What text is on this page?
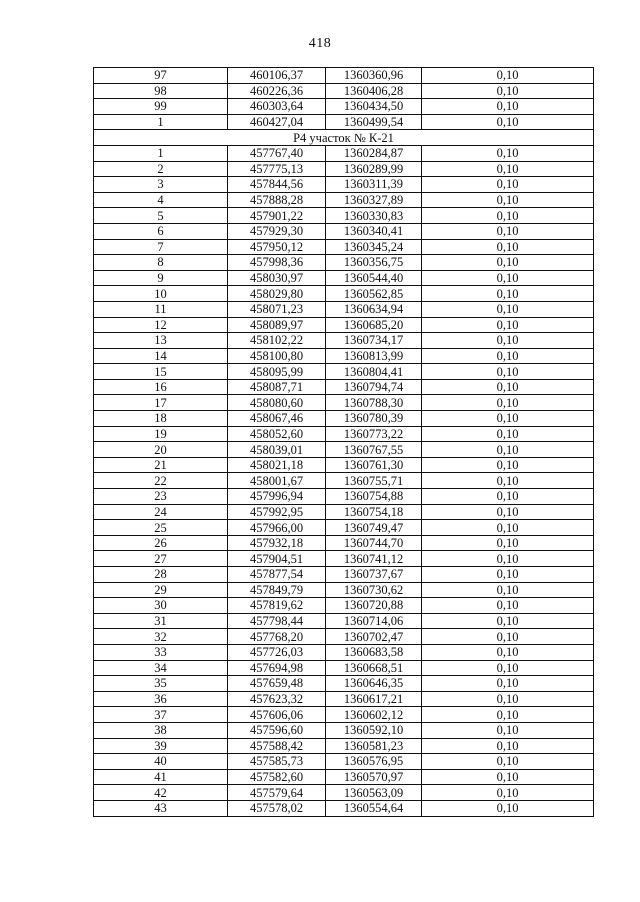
418
97	460106,37	1360360,96	0,10
98	460226,36	1360406,28	0,10
99	460303,64	1360434,50	0,10
1	460427,04	1360499,54	0,10
Р4 участок № К-21			
1	457767,40	1360284,87	0,10
2	457775,13	1360289,99	0,10
3	457844,56	1360311,39	0,10
4	457888,28	1360327,89	0,10
5	457901,22	1360330,83	0,10
6	457929,30	1360340,41	0,10
7	457950,12	1360345,24	0,10
8	457998,36	1360356,75	0,10
9	458030,97	1360544,40	0,10
10	458029,80	1360562,85	0,10
11	458071,23	1360634,94	0,10
12	458089,97	1360685,20	0,10
13	458102,22	1360734,17	0,10
14	458100,80	1360813,99	0,10
15	458095,99	1360804,41	0,10
16	458087,71	1360794,74	0,10
17	458080,60	1360788,30	0,10
18	458067,46	1360780,39	0,10
19	458052,60	1360773,22	0,10
20	458039,01	1360767,55	0,10
21	458021,18	1360761,30	0,10
22	458001,67	1360755,71	0,10
23	457996,94	1360754,88	0,10
24	457992,95	1360754,18	0,10
25	457966,00	1360749,47	0,10
26	457932,18	1360744,70	0,10
27	457904,51	1360741,12	0,10
28	457877,54	1360737,67	0,10
29	457849,79	1360730,62	0,10
30	457819,62	1360720,88	0,10
31	457798,44	1360714,06	0,10
32	457768,20	1360702,47	0,10
33	457726,03	1360683,58	0,10
34	457694,98	1360668,51	0,10
35	457659,48	1360646,35	0,10
36	457623,32	1360617,21	0,10
37	457606,06	1360602,12	0,10
38	457596,60	1360592,10	0,10
39	457588,42	1360581,23	0,10
40	457585,73	1360576,95	0,10
41	457582,60	1360570,97	0,10
42	457579,64	1360563,09	0,10
43	457578,02	1360554,64	0,10
